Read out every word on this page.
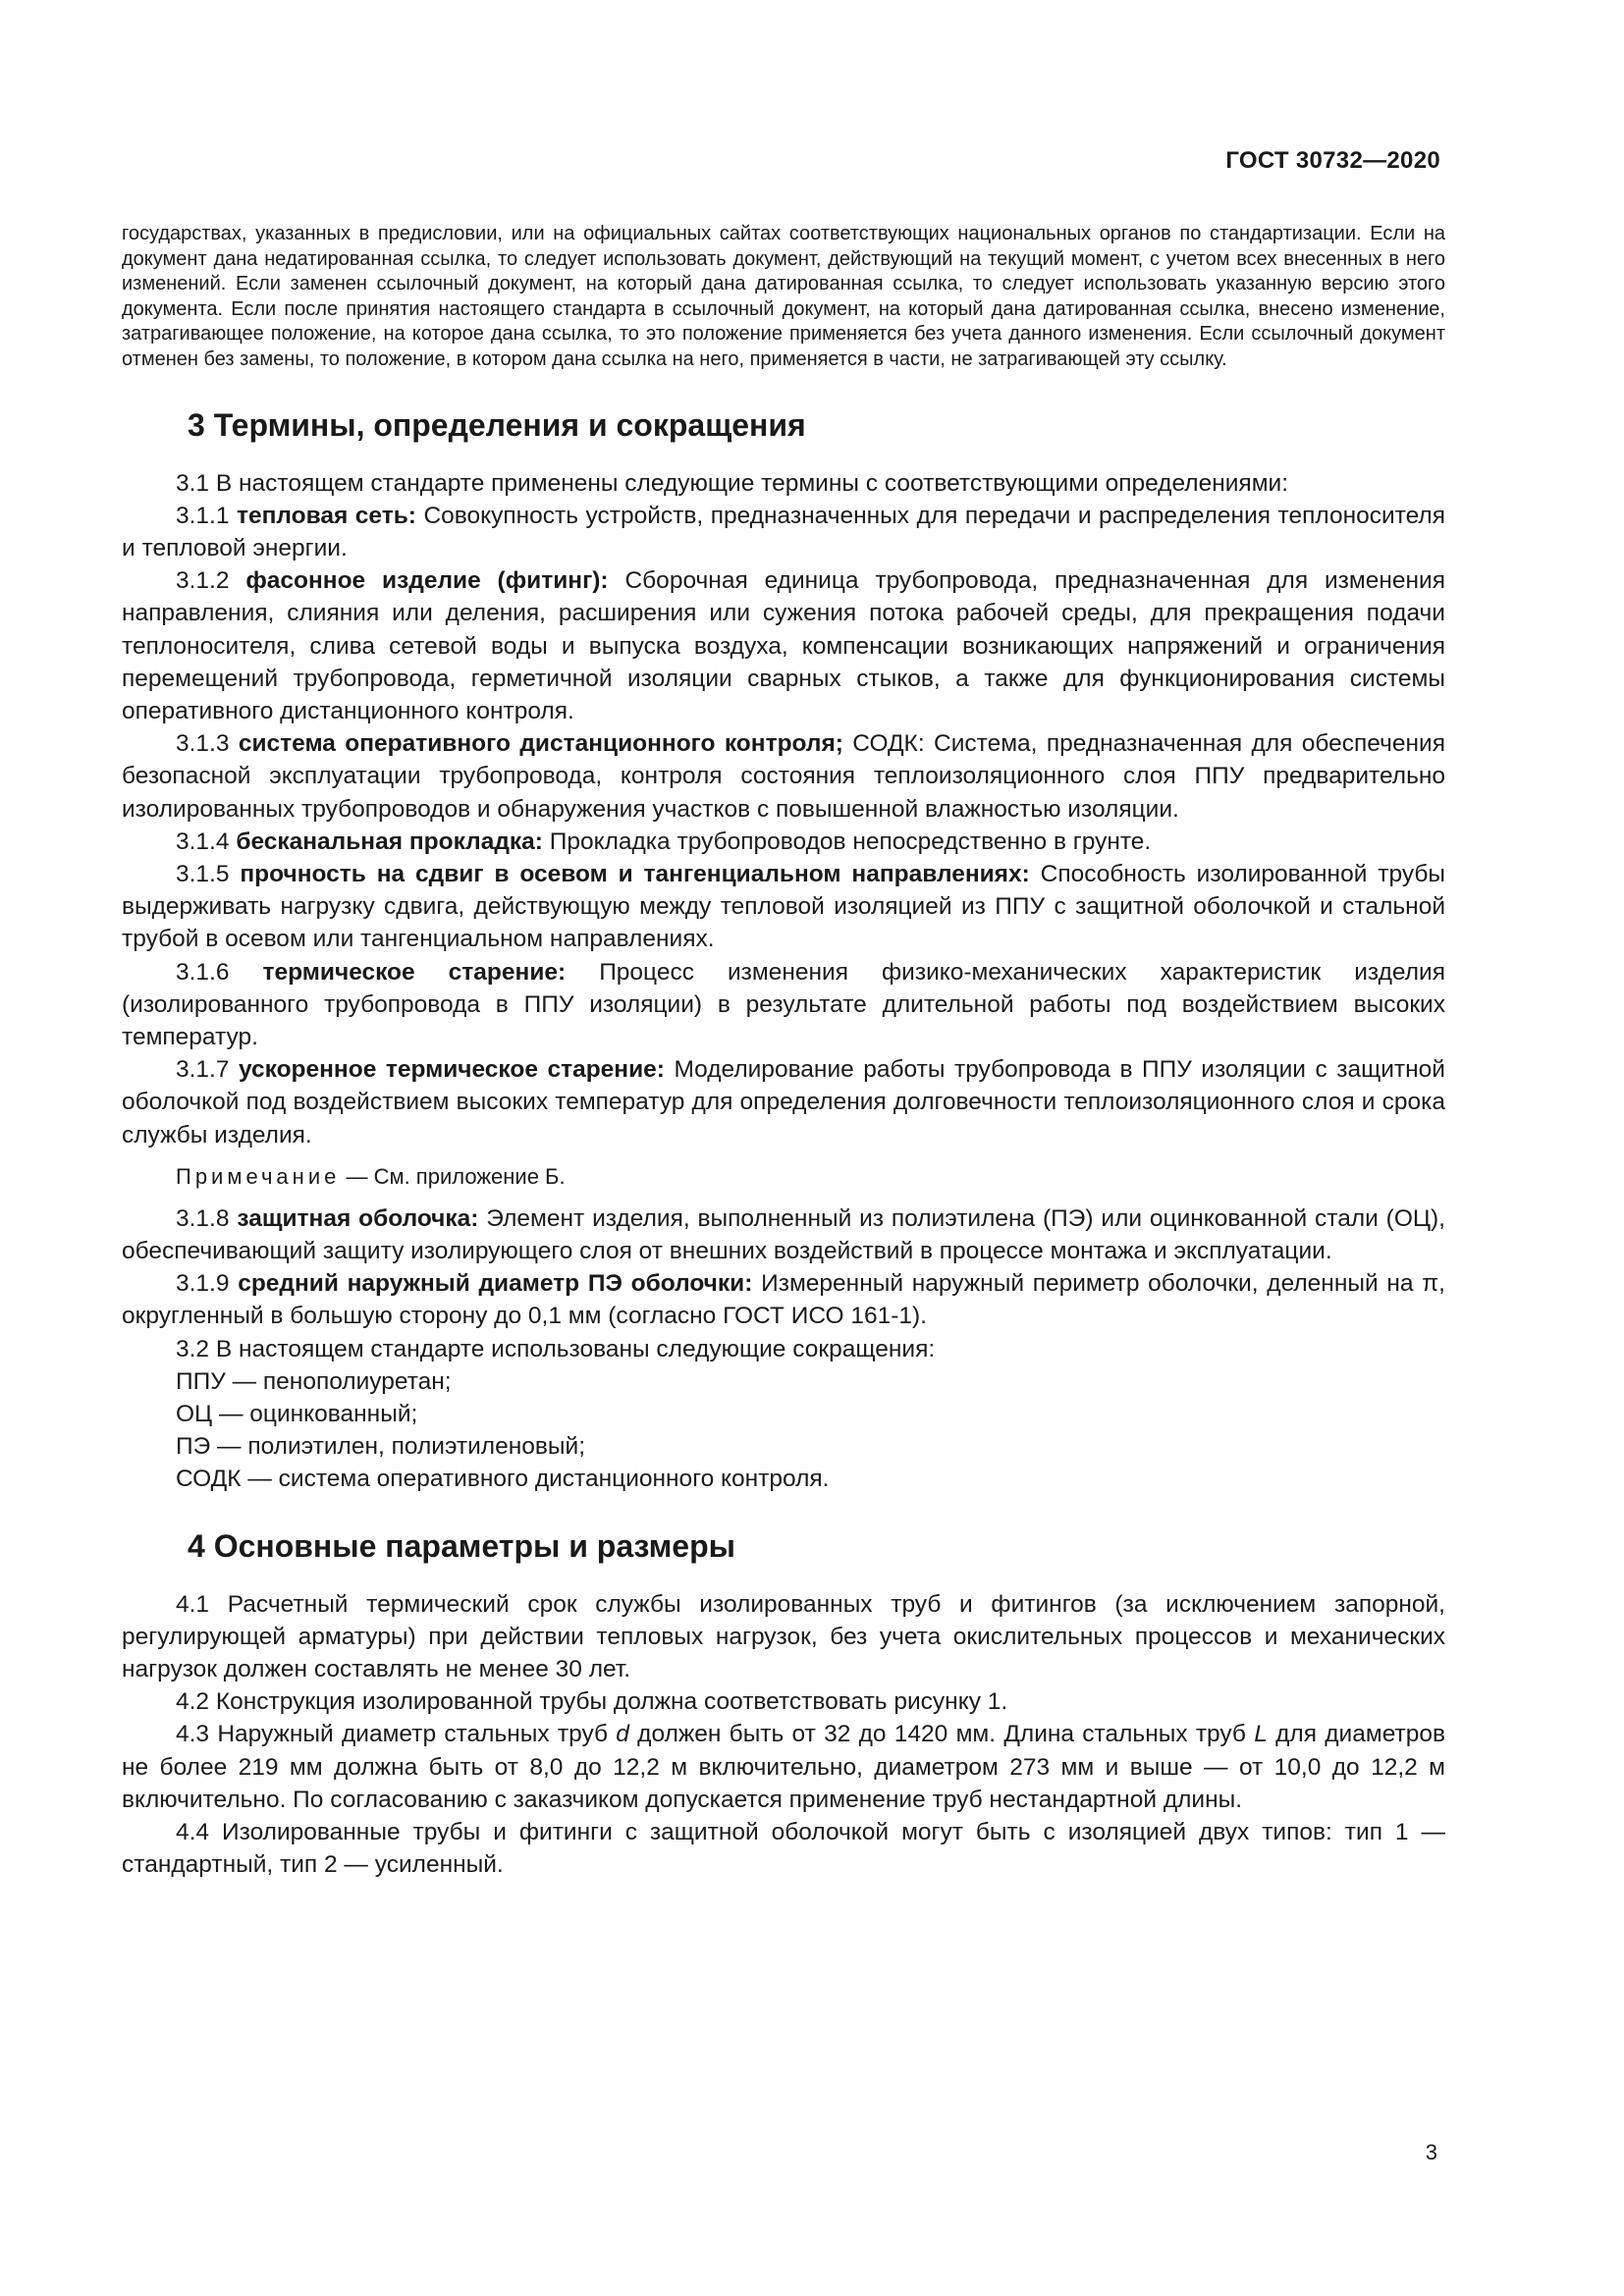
ГОСТ 30732—2020

государствах, указанных в предисловии, или на официальных сайтах соответствующих национальных органов по стандартизации. Если на документ дана недатированная ссылка, то следует использовать документ, действующий на текущий момент, с учетом всех внесенных в него изменений. Если заменен ссылочный документ, на который дана датированная ссылка, то следует использовать указанную версию этого документа. Если после принятия настоящего стандарта в ссылочный документ, на который дана датированная ссылка, внесено изменение, затрагивающее положение, на которое дана ссылка, то это положение применяется без учета данного изменения. Если ссылочный документ отменен без замены, то положение, в котором дана ссылка на него, применяется в части, не затрагивающей эту ссылку.

3 Термины, определения и сокращения

3.1 В настоящем стандарте применены следующие термины с соответствующими определениями:

3.1.1 тепловая сеть: Совокупность устройств, предназначенных для передачи и распределения теплоносителя и тепловой энергии.

3.1.2 фасонное изделие (фитинг): Сборочная единица трубопровода, предназначенная для изменения направления, слияния или деления, расширения или сужения потока рабочей среды, для прекращения подачи теплоносителя, слива сетевой воды и выпуска воздуха, компенсации возникающих напряжений и ограничения перемещений трубопровода, герметичной изоляции сварных стыков, а также для функционирования системы оперативного дистанционного контроля.

3.1.3 система оперативного дистанционного контроля; СОДК: Система, предназначенная для обеспечения безопасной эксплуатации трубопровода, контроля состояния теплоизоляционного слоя ППУ предварительно изолированных трубопроводов и обнаружения участков с повышенной влажностью изоляции.

3.1.4 бесканальная прокладка: Прокладка трубопроводов непосредственно в грунте.

3.1.5 прочность на сдвиг в осевом и тангенциальном направлениях: Способность изолированной трубы выдерживать нагрузку сдвига, действующую между тепловой изоляцией из ППУ с защитной оболочкой и стальной трубой в осевом или тангенциальном направлениях.

3.1.6 термическое старение: Процесс изменения физико-механических характеристик изделия (изолированного трубопровода в ППУ изоляции) в результате длительной работы под воздействием высоких температур.

3.1.7 ускоренное термическое старение: Моделирование работы трубопровода в ППУ изоляции с защитной оболочкой под воздействием высоких температур для определения долговечности теплоизоляционного слоя и срока службы изделия.

Примечание — См. приложение Б.

3.1.8 защитная оболочка: Элемент изделия, выполненный из полиэтилена (ПЭ) или оцинкованной стали (ОЦ), обеспечивающий защиту изолирующего слоя от внешних воздействий в процессе монтажа и эксплуатации.

3.1.9 средний наружный диаметр ПЭ оболочки: Измеренный наружный периметр оболочки, деленный на π, округленный в большую сторону до 0,1 мм (согласно ГОСТ ИСО 161-1).

3.2 В настоящем стандарте использованы следующие сокращения:

ППУ — пенополиуретан;

ОЦ — оцинкованный;

ПЭ — полиэтилен, полиэтиленовый;

СОДК — система оперативного дистанционного контроля.

4 Основные параметры и размеры

4.1 Расчетный термический срок службы изолированных труб и фитингов (за исключением запорной, регулирующей арматуры) при действии тепловых нагрузок, без учета окислительных процессов и механических нагрузок должен составлять не менее 30 лет.

4.2 Конструкция изолированной трубы должна соответствовать рисунку 1.

4.3 Наружный диаметр стальных труб d должен быть от 32 до 1420 мм. Длина стальных труб L для диаметров не более 219 мм должна быть от 8,0 до 12,2 м включительно, диаметром 273 мм и выше — от 10,0 до 12,2 м включительно. По согласованию с заказчиком допускается применение труб нестандартной длины.

4.4 Изолированные трубы и фитинги с защитной оболочкой могут быть с изоляцией двух типов: тип 1 — стандартный, тип 2 — усиленный.

3
